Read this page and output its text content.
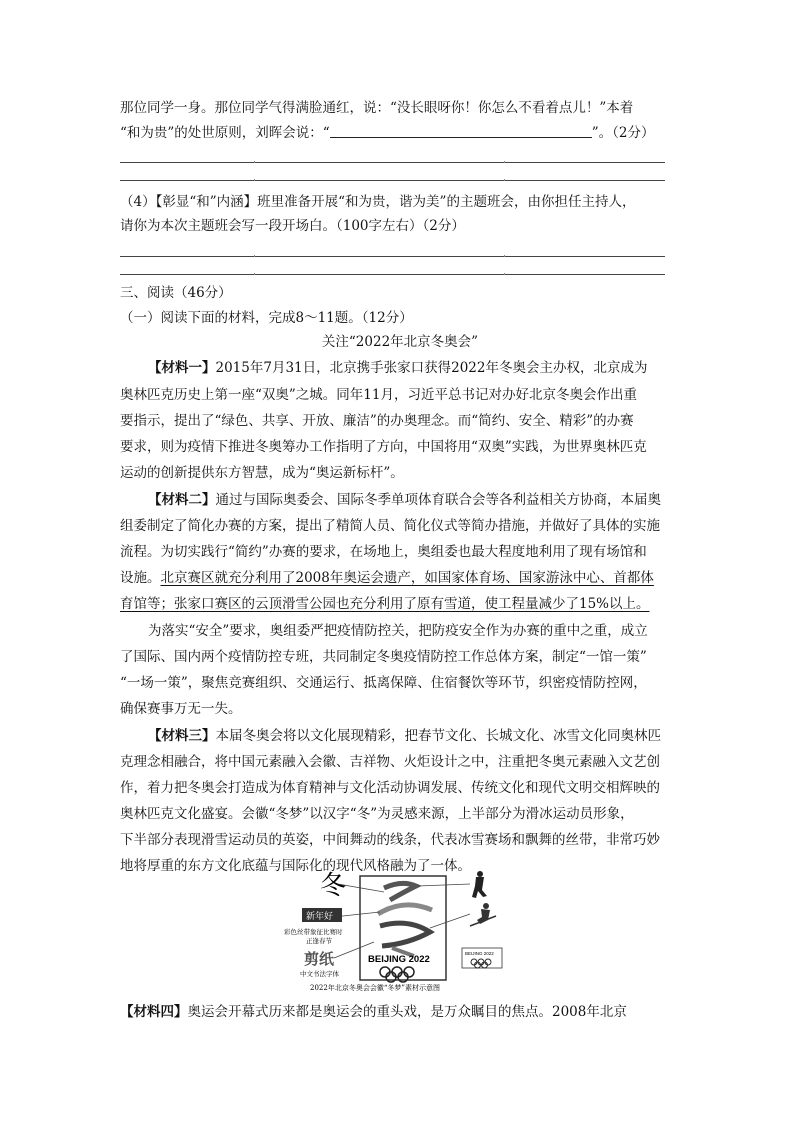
那位同学一身。那位同学气得满脸通红，说：“没长眼呀你！你怎么不看着点儿！”本着
“和为贵”的处世原则，刘晖会说：“	”。（2分）
（4）【彰显“和”内涵】班里准备开展“和为贵，谐为美”的主题班会，由你担任主持人，
请你为本次主题班会写一段开场白。（100字左右）（2分）
三、阅读（46分）
（一）阅读下面的材料，完成8～11题。（12分）
关注“2022年北京冬奥会”
【材料一】2015年7月31日，北京携手张家口获得2022年冬奥会主办权，北京成为
奥林匹克历史上第一座“双奥”之城。同年11月，习近平总书记对办好北京冬奥会作出重
要指示，提出了“绿色、共享、开放、廉洁”的办奥理念。而“简约、安全、精彩”的办赛
要求，则为疫情下推进冬奥筹办工作指明了方向，中国将用“双奥”实践，为世界奥林匹克
运动的创新提供东方智慧，成为“奥运新标杆”。
【材料二】通过与国际奥委会、国际冬季单项体育联合会等各利益相关方协商，本届奥
组委制定了简化办赛的方案，提出了精简人员、简化仪式等简办措施，并做好了具体的实施
流程。为切实践行“简约”办赛的要求，在场地上，奥组委也最大程度地利用了现有场馆和
设施。北京赛区就充分利用了2008年奥运会遗产，如国家体育场、国家游泳中心、首都体
育馆等；张家口赛区的云顶滑雪公园也充分利用了原有雪道，使工程量减少了15%以上。
为落实“安全”要求，奥组委严把疫情防控关，把防疫安全作为办赛的重中之重，成立
了国际、国内两个疫情防控专班，共同制定冬奥疫情防控工作总体方案，制定“一馆一策”
“一场一策”，聚焦竞赛组织、交通运行、抵离保障、住宿餐饮等环节，织密疫情防控网，
确保赛事万无一失。
【材料三】本届冬奥会将以文化展现精彩，把春节文化、长城文化、冰雪文化同奥林匹
克理念相融合，将中国元素融入会徽、吉祥物、火炬设计之中，注重把冬奥元素融入文艺创
作，着力把冬奥会打造成为体育精神与文化活动协调发展、传统文化和现代文明交相辉映的
奥林匹克文化盛宴。会徽“冬梦”以汉字“冬”为灵感来源，上半部分为滑冰运动员形象，
下半部分表现滑雪运动员的英姿，中间舞动的线条，代表冰雪赛场和飘舞的丝带，非常巧妙
地将厚重的东方文化底蕴与国际化的现代风格融为了一体。
冬
BEIJING 2022
新年好
彩色丝带象征比赛时
正逢春节
剪纸
中文书法字体
BEIJING 2022
2022年北京冬奥会会徽“冬梦”素材示意图
【材料四】奥运会开幕式历来都是奥运会的重头戏，是万众瞩目的焦点。2008年北京
